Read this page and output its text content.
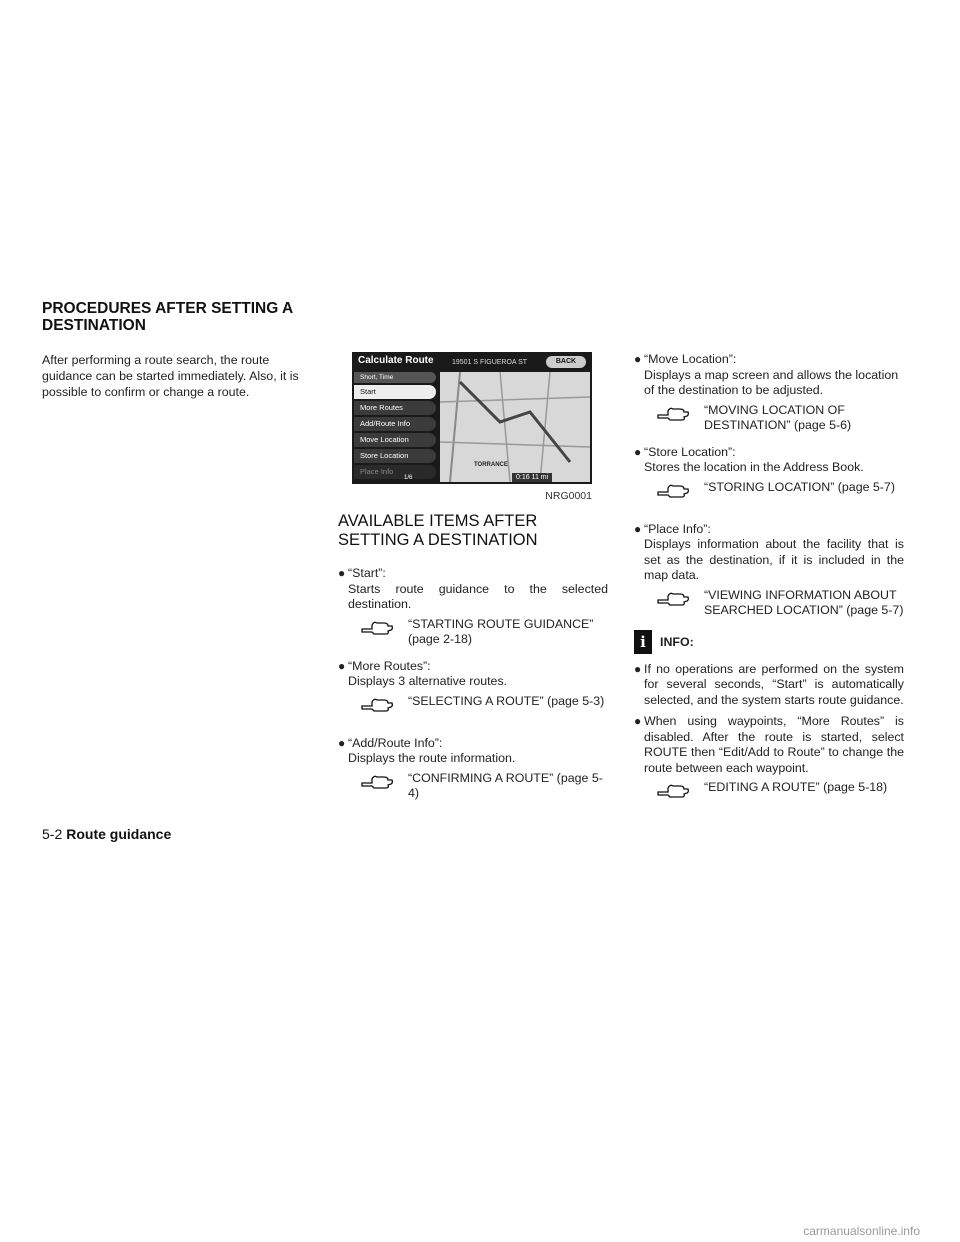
PROCEDURES AFTER SETTING A DESTINATION
After performing a route search, the route guidance can be started immediately. Also, it is possible to confirm or change a route.
Calculate Route	BACK
19501 S FIGUEROA ST
Short, Time
Start
More Routes
Add/Route Info
Move Location
Store Location
Place Info
1/6
TORRANCE
0:16 11 mi
NRG0001
AVAILABLE ITEMS AFTER SETTING A DESTINATION
● “Start”:
Starts route guidance to the selected destination.
“STARTING ROUTE GUIDANCE” (page 2-18)
● “More Routes”:
Displays 3 alternative routes.
“SELECTING A ROUTE” (page 5-3)
● “Add/Route Info”:
Displays the route information.
“CONFIRMING A ROUTE” (page 5-4)
● “Move Location”:
Displays a map screen and allows the location of the destination to be adjusted.
“MOVING LOCATION OF DESTINATION” (page 5-6)
● “Store Location”:
Stores the location in the Address Book.
“STORING LOCATION” (page 5-7)
● “Place Info”:
Displays information about the facility that is set as the destination, if it is included in the map data.
“VIEWING INFORMATION ABOUT SEARCHED LOCATION” (page 5-7)
i	INFO:
● If no operations are performed on the system for several seconds, “Start” is automatically selected, and the system starts route guidance.
● When using waypoints, “More Routes” is disabled. After the route is started, select ROUTE then “Edit/Add to Route” to change the route between each waypoint.
“EDITING A ROUTE” (page 5-18)
5-2 Route guidance
carmanualsonline.info
